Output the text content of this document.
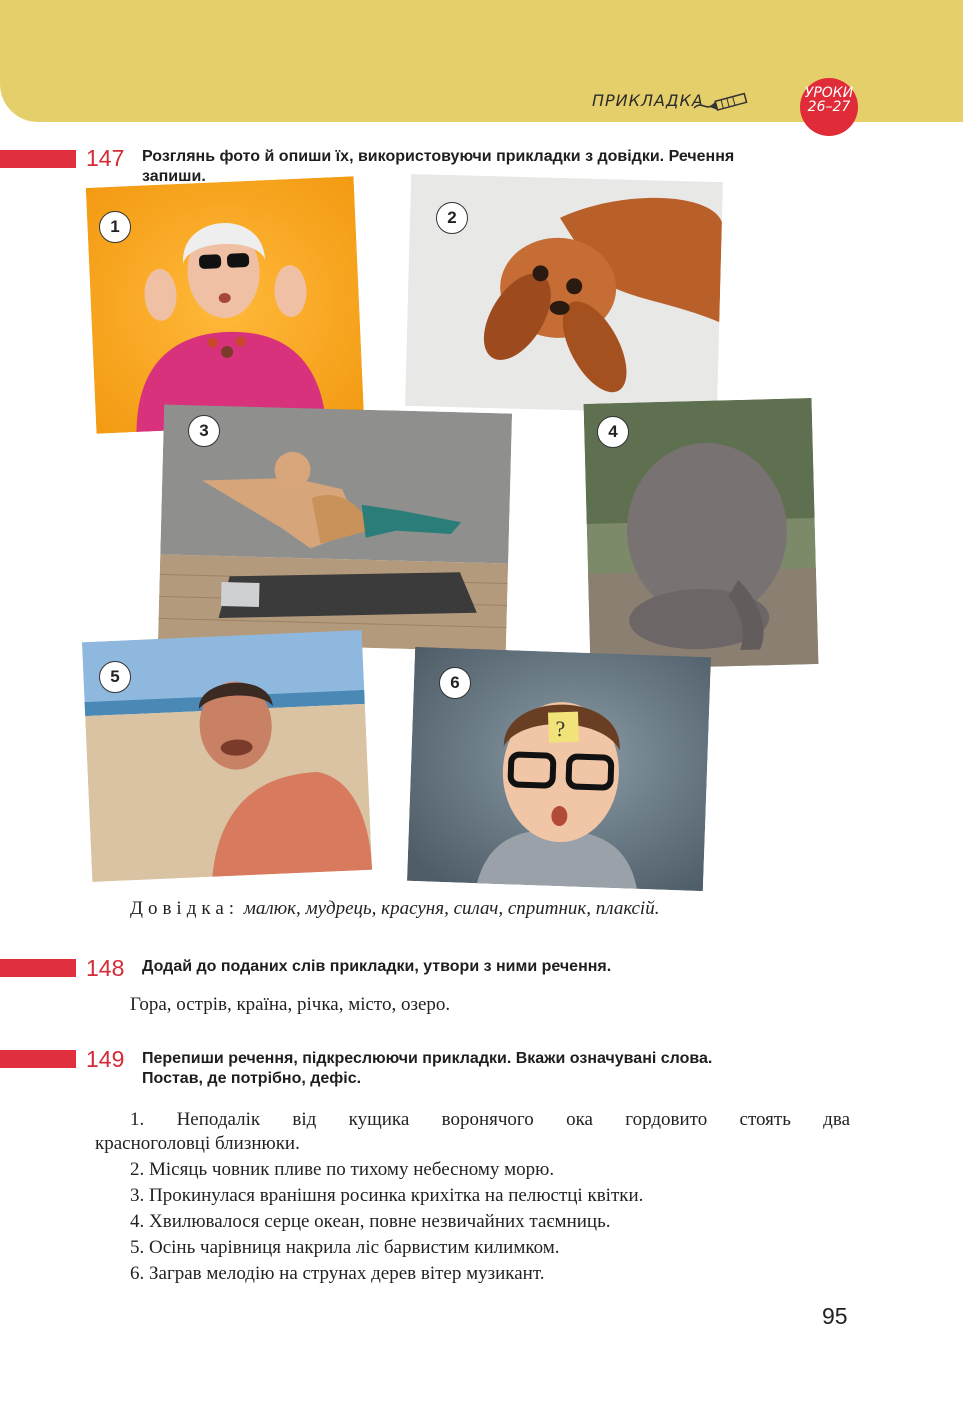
ПРИКЛАДКА	УРОКИ
26–27
147 Розглянь фото й опиши їх, використовуючи прикладки з довідки. Речення
запиши.
1	2
3	4
5
?
6
Довідка: малюк, мудрець, красуня, силач, спритник, плаксій.
148 Додай до поданих слів прикладки, утвори з ними речення.
Гора, острів, країна, річка, місто, озеро.
149 Перепиши речення, підкреслюючи прикладки. Вкажи означувані слова.
Постав, де потрібно, дефіс.
1. Неподалік від кущика воронячого ока гордовито стоять два
красноголовці близнюки.
2. Місяць човник пливе по тихому небесному морю.
3. Прокинулася вранішня росинка крихітка на пелюстці квітки.
4. Хвилювалося серце океан, повне незвичайних таємниць.
5. Осінь чарівниця накрила ліс барвистим килимком.
6. Заграв мелодію на струнах дерев вітер музикант.
95
